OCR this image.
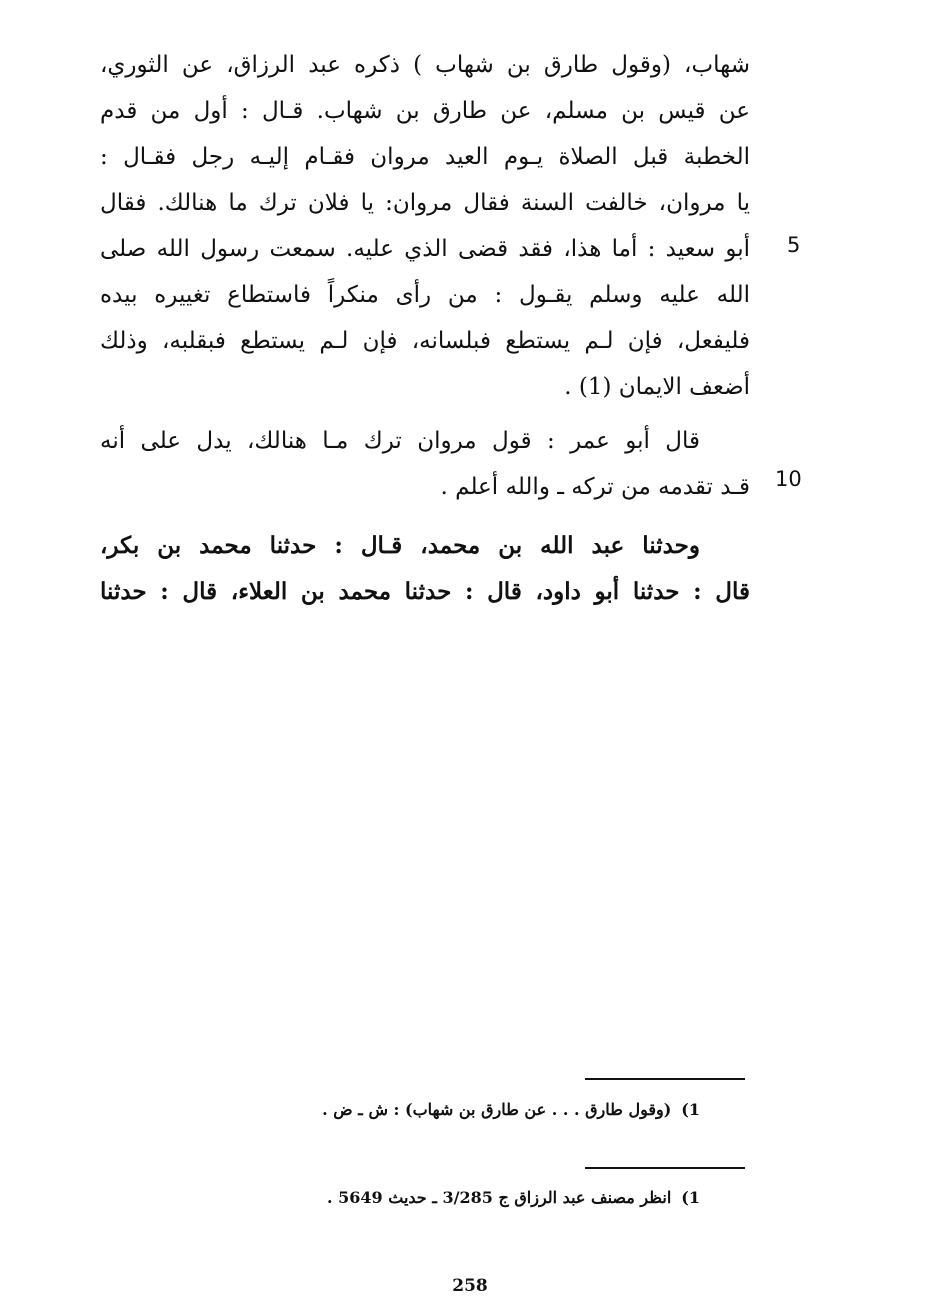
شهاب، (وقول طارق بن شهاب ) ذكره عبد الرزاق، عن الثوري،
عن قيس بن مسلم، عن طارق بن شهاب. قـال : أول من قدم
الخطبة قبل الصلاة يـوم العيد مروان فقـام إليـه رجل فقـال :
يا مروان، خالفت السنة فقال مروان: يا فلان ترك ما هنالك. فقال
أبو سعيد : أما هذا، فقد قضى الذي عليه. سمعت رسول الله صلى
الله عليه وسلم يقـول : من رأى منكراً فاستطاع تغييره بيده
فليفعل، فإن لـم يستطع فبلسانه، فإن لـم يستطع فبقلبه، وذلك
أضعف الايمان (1) .
قال أبو عمر : قول مروان ترك مـا هنالك، يدل على أنه
قـد تقدمه من تركه ـ والله أعلم .
وحدثنا عبد الله بن محمد، قـال : حدثنا محمد بن بكر،
قال : حدثنا أبو داود، قال : حدثنا محمد بن العلاء، قال : حدثنا
5
10
1)(وقول طارق . . . عن طارق بن شهاب) : ش ـ ض .
1)انظر مصنف عبد الرزاق ج 3/285 ـ حديث 5649 .
258
